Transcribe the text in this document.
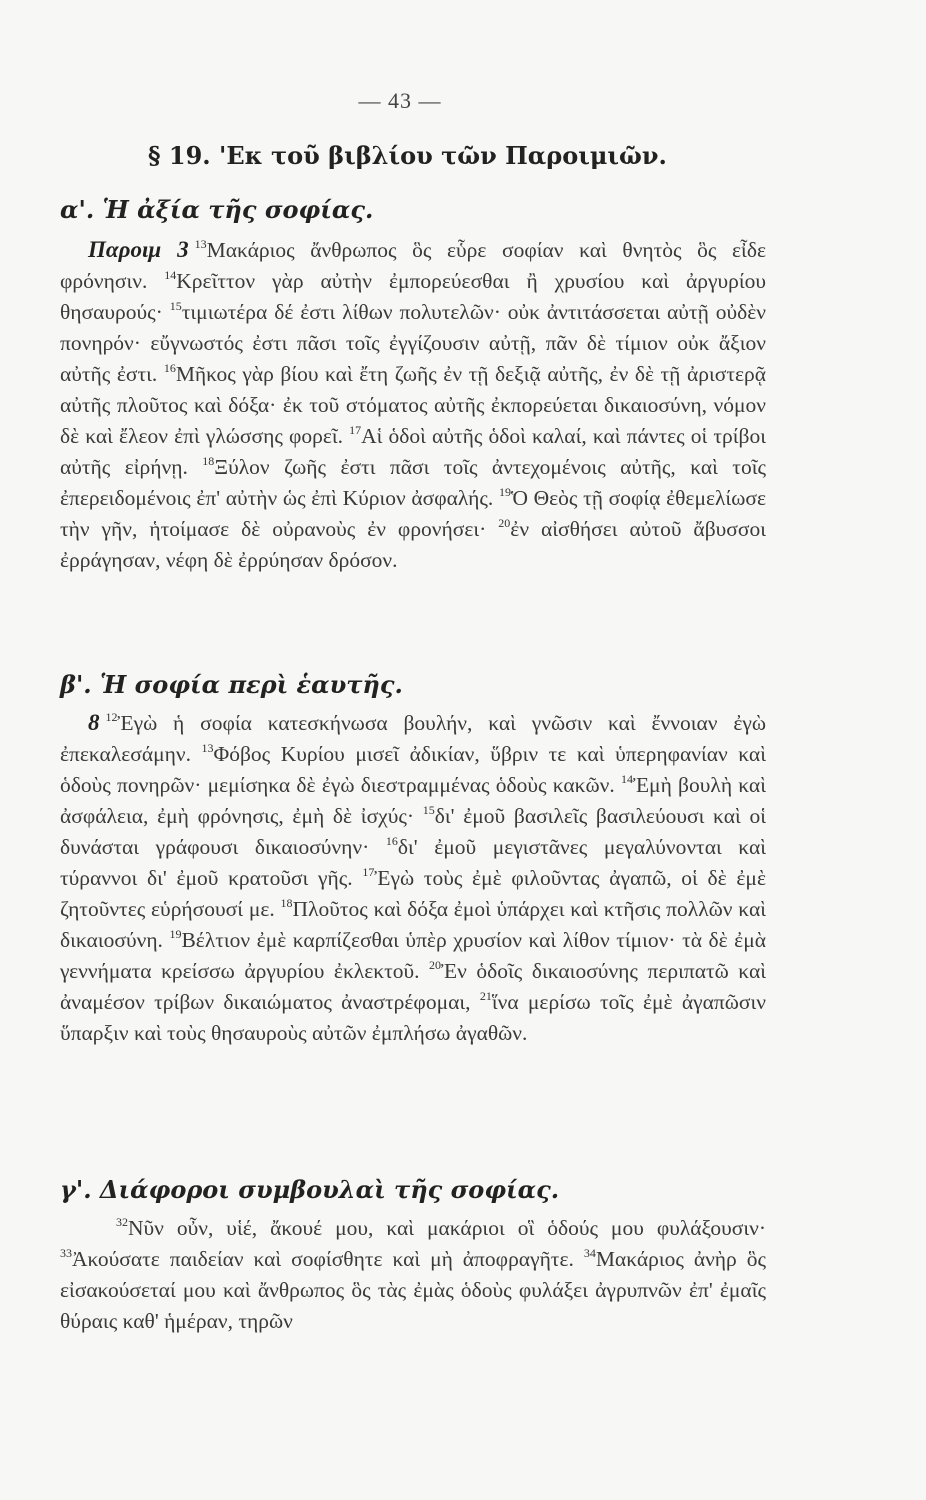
— 43 —
§ 19. 'Εκ τοῦ βιβλίου τῶν Παροιμιῶν.
α'. Ἡ ἀξία τῆς σοφίας.

Παροιμ 3 $^{13}$Μακάριος ἄνθρωπος ὃς εὗρε σοφίαν καὶ θνητὸς ὃς εἶδε φρόνησιν. $^{14}$Κρεῖττον γὰρ αὐτὴν ἐμπορεύεσθαι ἢ χρυσίου καὶ ἀργυρίου θησαυρούς· $^{15}$τιμιωτέρα δέ ἐστι λίθων πολυτελῶν· οὐκ ἀντιτάσσεται αὐτῇ οὐδὲν πονηρόν· εὔγνωστός ἐστι πᾶσι τοῖς ἐγγίζουσιν αὐτῇ, πᾶν δὲ τίμιον οὐκ ἄξιον αὐτῆς ἐστι. $^{16}$Μῆκος γὰρ βίου καὶ ἔτη ζωῆς ἐν τῇ δεξιᾷ αὐτῆς, ἐν δὲ τῇ ἀριστερᾷ αὐτῆς πλοῦτος καὶ δόξα· ἐκ τοῦ στόματος αὐτῆς ἐκπορεύεται δικαιοσύνη, νόμον δὲ καὶ ἔλεον ἐπὶ γλώσσης φορεῖ. $^{17}$Αἱ ὁδοὶ αὐτῆς ὁδοὶ καλαί, καὶ πάντες οἱ τρίβοι αὐτῆς εἰρήνῃ. $^{18}$Ξύλον ζωῆς ἐστι πᾶσι τοῖς ἀντεχομένοις αὐτῆς, καὶ τοῖς ἐπερειδομένοις ἐπ' αὐτὴν ὡς ἐπὶ Κύριον ἀσφαλής. $^{19}$Ὁ Θεὸς τῇ σοφίᾳ ἐθεμελίωσε τὴν γῆν, ἡτοίμασε δὲ οὐρανοὺς ἐν φρονήσει· $^{20}$ἐν αἰσθήσει αὐτοῦ ἄβυσσοι ἐρράγησαν, νέφη δὲ ἐρρύησαν δρόσον.

β'. Ἡ σοφία περὶ ἑαυτῆς.

8 $^{12}$Ἐγὼ ἡ σοφία κατεσκήνωσα βουλήν, καὶ γνῶσιν καὶ ἔννοιαν ἐγὼ ἐπεκαλεσάμην. $^{13}$Φόβος Κυρίου μισεῖ ἀδικίαν, ὕβριν τε καὶ ὑπερηφανίαν καὶ ὁδοὺς πονηρῶν· μεμίσηκα δὲ ἐγὼ διεστραμμένας ὁδοὺς κακῶν. $^{14}$Ἐμὴ βουλὴ καὶ ἀσφάλεια, ἐμὴ φρόνησις, ἐμὴ δὲ ἰσχύς· $^{15}$δι' ἐμοῦ βασιλεῖς βασιλεύουσι καὶ οἱ δυνάσται γράφουσι δικαιοσύνην· $^{16}$δι' ἐμοῦ μεγιστᾶνες μεγαλύνονται καὶ τύραννοι δι' ἐμοῦ κρατοῦσι γῆς. $^{17}$Ἐγὼ τοὺς ἐμὲ φιλοῦντας ἀγαπῶ, οἱ δὲ ἐμὲ ζητοῦντες εὑρήσουσί με. $^{18}$Πλοῦτος καὶ δόξα ἐμοὶ ὑπάρχει καὶ κτῆσις πολλῶν καὶ δικαιοσύνη. $^{19}$Βέλτιον ἐμὲ καρπίζεσθαι ὑπὲρ χρυσίον καὶ λίθον τίμιον· τὰ δὲ ἐμὰ γεννήματα κρείσσω ἀργυρίου ἐκλεκτοῦ. $^{20}$Ἐν ὁδοῖς δικαιοσύνης περιπατῶ καὶ ἀναμέσον τρίβων δικαιώματος ἀναστρέφομαι, $^{21}$ἵνα μερίσω τοῖς ἐμὲ ἀγαπῶσιν ὕπαρξιν καὶ τοὺς θησαυροὺς αὐτῶν ἐμπλήσω ἀγαθῶν.

γ'. Διάφοροι συμβουλαὶ τῆς σοφίας.

$^{32}$Νῦν οὖν, υἱέ, ἄκουέ μου, καὶ μακάριοι οἳ ὁδούς μου φυλάξουσιν· $^{33}$Ἀκούσατε παιδείαν καὶ σοφίσθητε καὶ μὴ ἀποφραγῆτε. $^{34}$Μακάριος ἀνὴρ ὃς εἰσακούσεταί μου καὶ ἄνθρωπος ὃς τὰς ἐμὰς ὁδοὺς φυλάξει ἀγρυπνῶν ἐπ' ἐμαῖς θύραις καθ' ἡμέραν, τηρῶν
